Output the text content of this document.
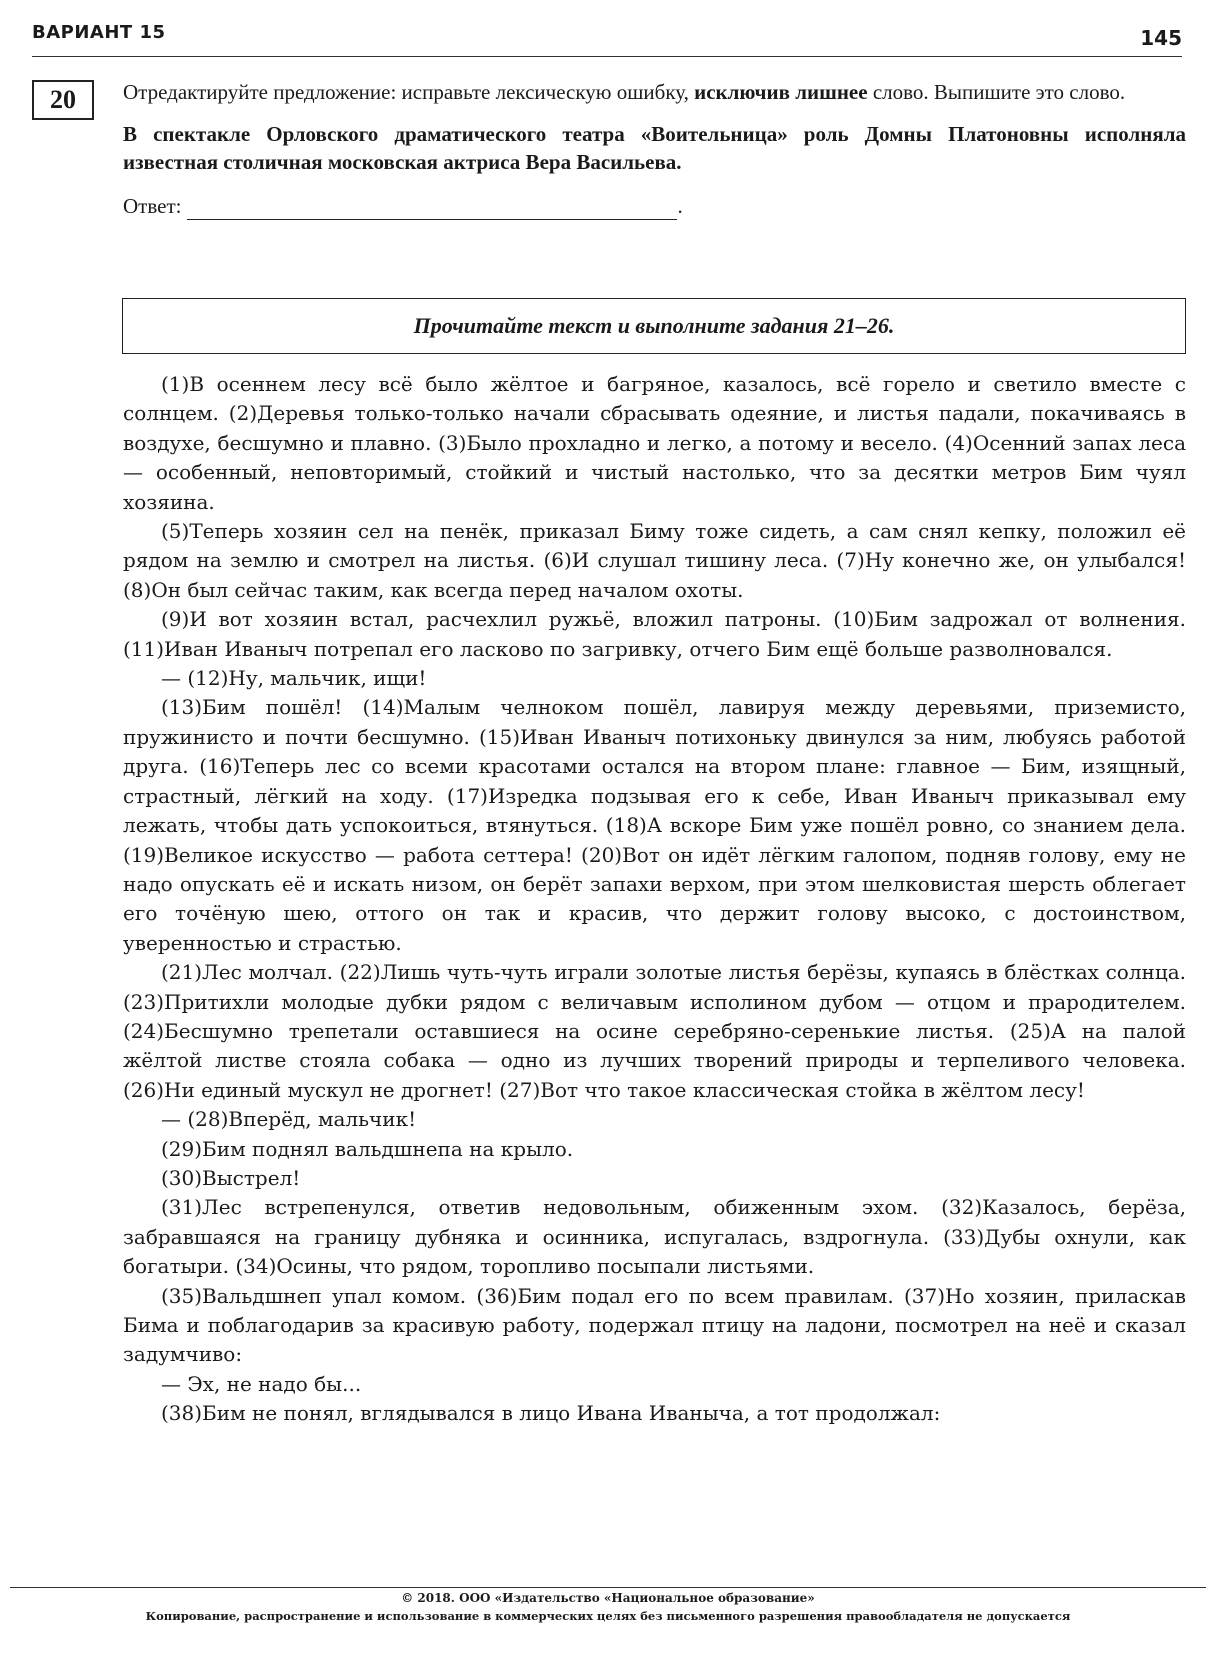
ВАРИАНТ 15	145
20	Отредактируйте предложение: исправьте лексическую ошибку, исключив лишнее слово. Выпишите это слово.

В спектакле Орловского драматического театра «Воительница» роль Домны Платоновны исполняла известная столичная московская актриса Вера Васильева.

Ответ:	.
Прочитайте текст и выполните задания 21–26.

(1)В осеннем лесу всё было жёлтое и багряное, казалось, всё горело и светило вместе с солнцем. (2)Деревья только-только начали сбрасывать одеяние, и листья падали, покачиваясь в воздухе, бесшумно и плавно. (3)Было прохладно и легко, а потому и весело. (4)Осенний запах леса — особенный, неповторимый, стойкий и чистый настолько, что за десятки метров Бим чуял хозяина.

(5)Теперь хозяин сел на пенёк, приказал Биму тоже сидеть, а сам снял кепку, положил её рядом на землю и смотрел на листья. (6)И слушал тишину леса. (7)Ну конечно же, он улыбался! (8)Он был сейчас таким, как всегда перед началом охоты.

(9)И вот хозяин встал, расчехлил ружьё, вложил патроны. (10)Бим задрожал от волнения. (11)Иван Иваныч потрепал его ласково по загривку, отчего Бим ещё больше разволновался.

— (12)Ну, мальчик, ищи!

(13)Бим пошёл! (14)Малым челноком пошёл, лавируя между деревьями, приземисто, пружинисто и почти бесшумно. (15)Иван Иваныч потихоньку двинулся за ним, любуясь работой друга. (16)Теперь лес со всеми красотами остался на втором плане: главное — Бим, изящный, страстный, лёгкий на ходу. (17)Изредка подзывая его к себе, Иван Иваныч приказывал ему лежать, чтобы дать успокоиться, втянуться. (18)А вскоре Бим уже пошёл ровно, со знанием дела. (19)Великое искусство — работа сеттера! (20)Вот он идёт лёгким галопом, подняв голову, ему не надо опускать её и искать низом, он берёт запахи верхом, при этом шелковистая шерсть облегает его точёную шею, оттого он так и красив, что держит голову высоко, с достоинством, уверенностью и страстью.

(21)Лес молчал. (22)Лишь чуть-чуть играли золотые листья берёзы, купаясь в блёстках солнца. (23)Притихли молодые дубки рядом с величавым исполином дубом — отцом и прародителем. (24)Бесшумно трепетали оставшиеся на осине серебряно-серенькие листья. (25)А на палой жёлтой листве стояла собака — одно из лучших творений природы и терпеливого человека. (26)Ни единый мускул не дрогнет! (27)Вот что такое классическая стойка в жёлтом лесу!

— (28)Вперёд, мальчик!

(29)Бим поднял вальдшнепа на крыло.

(30)Выстрел!

(31)Лес встрепенулся, ответив недовольным, обиженным эхом. (32)Казалось, берёза, забравшаяся на границу дубняка и осинника, испугалась, вздрогнула. (33)Дубы охнули, как богатыри. (34)Осины, что рядом, торопливо посыпали листьями.

(35)Вальдшнеп упал комом. (36)Бим подал его по всем правилам. (37)Но хозяин, приласкав Бима и поблагодарив за красивую работу, подержал птицу на ладони, посмотрел на неё и сказал задумчиво:

— Эх, не надо бы...

(38)Бим не понял, вглядывался в лицо Ивана Иваныча, а тот продолжал:

© 2018. ООО «Издательство «Национальное образование»
Копирование, распространение и использование в коммерческих целях без письменного разрешения правообладателя не допускается
